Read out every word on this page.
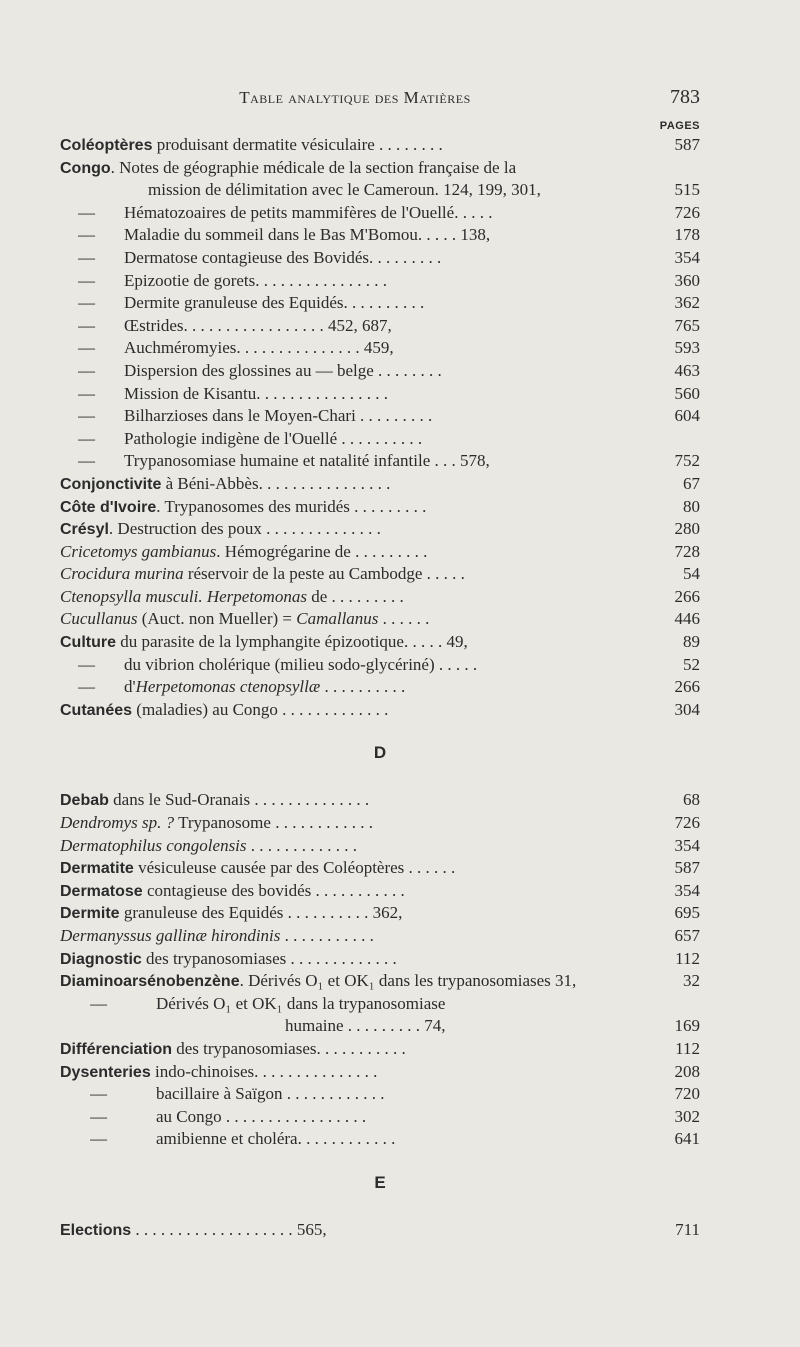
Table analytique des Matières	783
PAGES
Coléoptères produisant dermatite vésiculaire . . . . . . . .	587
Congo. Notes de géographie médicale de la section française de la
mission de délimitation avec le Cameroun. 124, 199, 301,	515
— Hématozoaires de petits mammifères de l'Ouellé. . . . .	726
— Maladie du sommeil dans le Bas M'Bomou. . . . . 138,	178
— Dermatose contagieuse des Bovidés. . . . . . . . .	354
— Epizootie de gorets. . . . . . . . . . . . . . . .	360
— Dermite granuleuse des Equidés. . . . . . . . . .	362
— Œstrides. . . . . . . . . . . . . . . . . 452, 687,	765
— Auchméromyies. . . . . . . . . . . . . . . 459,	593
— Dispersion des glossines au — belge . . . . . . . .	463
— Mission de Kisantu. . . . . . . . . . . . . . . .	560
— Bilharzioses dans le Moyen-Chari . . . . . . . . .	604
— Pathologie indigène de l'Ouellé . . . . . . . . . .
— Trypanosomiase humaine et natalité infantile . . . 578,	752
Conjonctivite à Béni-Abbès. . . . . . . . . . . . . . . .	67
Côte d'Ivoire. Trypanosomes des muridés . . . . . . . . .	80
Crésyl. Destruction des poux . . . . . . . . . . . . . .	280
Cricetomys gambianus. Hémogrégarine de . . . . . . . . .	728
Crocidura murina réservoir de la peste au Cambodge . . . . .	54
Ctenopsylla musculi. Herpetomonas de . . . . . . . . .	266
Cucullanus (Auct. non Mueller) = Camallanus . . . . . .	446
Culture du parasite de la lymphangite épizootique. . . . . 49,	89
— du vibrion cholérique (milieu sodo-glycériné) . . . . .	52
— d'Herpetomonas ctenopsyllæ . . . . . . . . . .	266
Cutanées (maladies) au Congo . . . . . . . . . . . . .	304
D
Debab dans le Sud-Oranais . . . . . . . . . . . . . .	68
Dendromys sp. ? Trypanosome . . . . . . . . . . . .	726
Dermatophilus congolensis . . . . . . . . . . . . .	354
Dermatite vésiculeuse causée par des Coléoptères . . . . . .	587
Dermatose contagieuse des bovidés . . . . . . . . . . .	354
Dermite granuleuse des Equidés . . . . . . . . . . 362,	695
Dermanyssus gallinæ hirondinis . . . . . . . . . . .	657
Diagnostic des trypanosomiases . . . . . . . . . . . . .	112
Diaminoarsénobenzène. Dérivés O₁ et OK₁ dans les trypanosomiases 31,	32
—	Dérivés O₁ et OK₁ dans la trypanosomiase
humaine . . . . . . . . . 74,	169
Différenciation des trypanosomiases. . . . . . . . . . .	112
Dysenteries indo-chinoises. . . . . . . . . . . . . . .	208
—	bacillaire à Saïgon . . . . . . . . . . . .	720
—	au Congo . . . . . . . . . . . . . . . . .	302
—	amibienne et choléra. . . . . . . . . . . .	641
E
Elections . . . . . . . . . . . . . . . . . . . 565,	711
